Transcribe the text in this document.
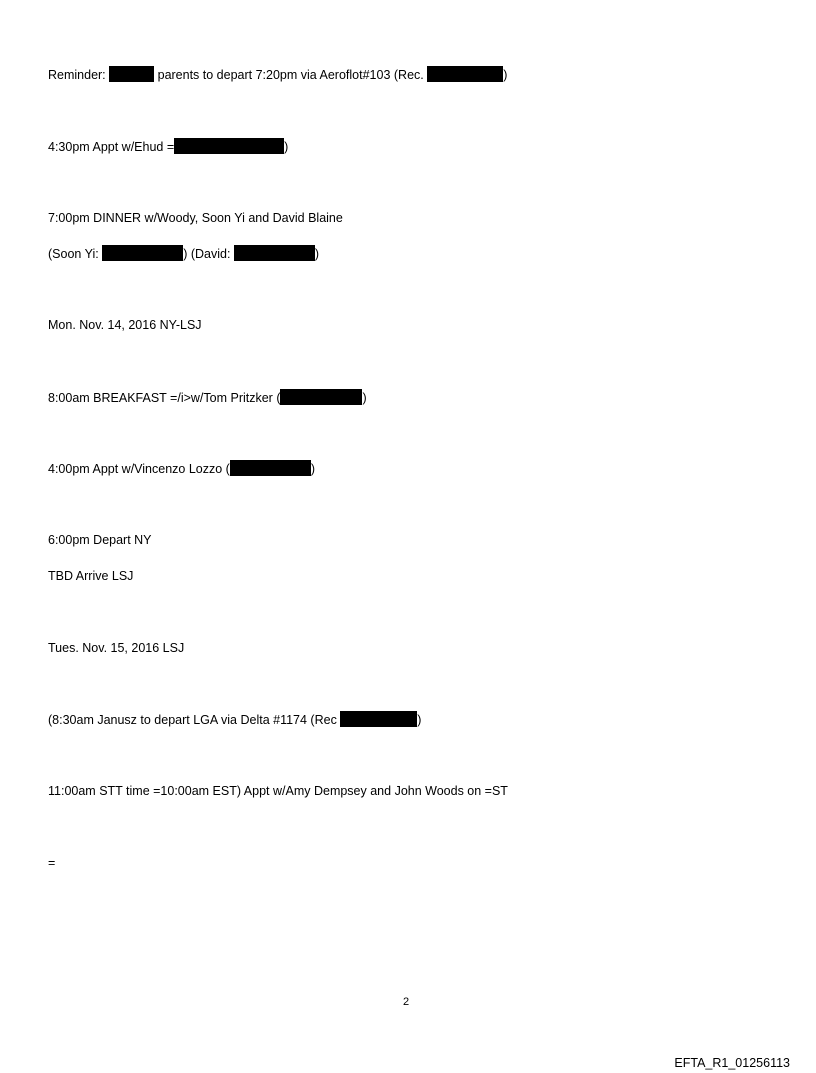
Reminder:	parents to depart 7:20pm via Aeroflot#103 (Rec.	)
4:30pm Appt w/Ehud =	)
7:00pm DINNER w/Woody, Soon Yi and David Blaine
(Soon Yi:	) (David:	)
Mon. Nov. 14, 2016 NY-LSJ
8:00am BREAKFAST =/i>w/Tom Pritzker (	)
4:00pm Appt w/Vincenzo Lozzo (	)
6:00pm Depart NY
TBD Arrive LSJ
Tues. Nov. 15, 2016 LSJ
(8:30am Janusz to depart LGA via Delta #1174 (Rec	)
11:00am STT time =10:00am EST) Appt w/Amy Dempsey and John Woods on =ST
=
2
EFTA_R1_01256113
